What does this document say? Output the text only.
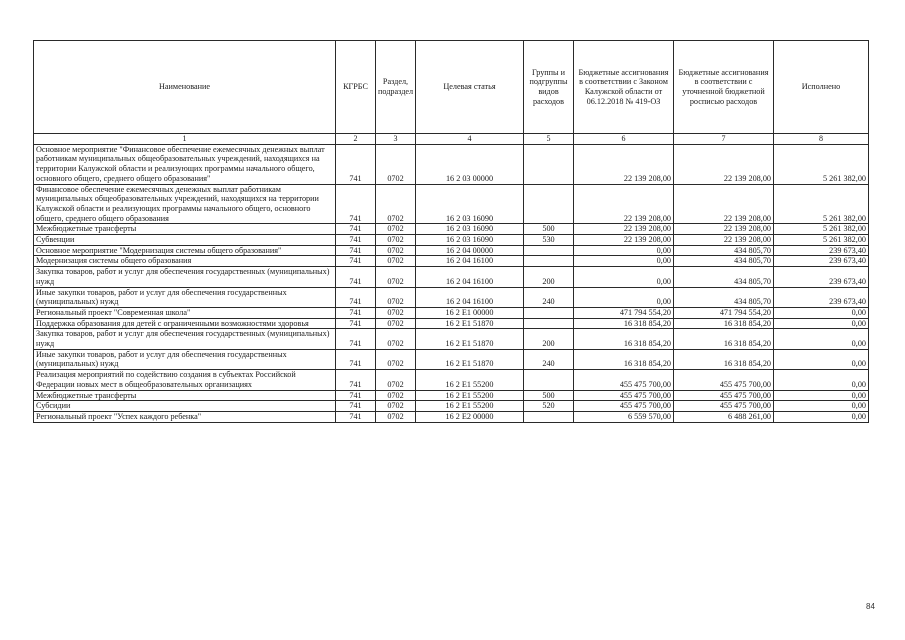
Наименование	КГРБС	Раздел, подраздел	Целевая статья	Группы и подгруппы видов расходов	Бюджетные ассигнования в соответствии с Законом Калужской области от 06.12.2018 № 419-ОЗ	Бюджетные ассигнования в соответствии с уточненной бюджетной росписью расходов	Исполнено
1	2	3	4	5	6	7	8
Основное мероприятие "Финансовое обеспечение ежемесячных денежных выплат работникам муниципальных общеобразовательных учреждений, находящихся на территории Калужской области и реализующих программы начального общего, основного общего, среднего общего образования"	741	0702	16 2 03 00000		22 139 208,00	22 139 208,00	5 261 382,00
Финансовое обеспечение ежемесячных денежных выплат работникам муниципальных общеобразовательных учреждений, находящихся на территории Калужской области и реализующих программы начального общего, основного общего, среднего общего образования	741	0702	16 2 03 16090		22 139 208,00	22 139 208,00	5 261 382,00
Межбюджетные трансферты	741	0702	16 2 03 16090	500	22 139 208,00	22 139 208,00	5 261 382,00
Субвенции	741	0702	16 2 03 16090	530	22 139 208,00	22 139 208,00	5 261 382,00
Основное мероприятие "Модернизация системы общего образования"	741	0702	16 2 04 00000		0,00	434 805,70	239 673,40
Модернизация системы общего образования	741	0702	16 2 04 16100		0,00	434 805,70	239 673,40
Закупка товаров, работ и услуг для обеспечения государственных (муниципальных) нужд	741	0702	16 2 04 16100	200	0,00	434 805,70	239 673,40
Иные закупки товаров, работ и услуг для обеспечения государственных (муниципальных) нужд	741	0702	16 2 04 16100	240	0,00	434 805,70	239 673,40
Региональный проект "Современная школа"	741	0702	16 2 E1 00000		471 794 554,20	471 794 554,20	0,00
Поддержка образования для детей с ограниченными возможностями здоровья	741	0702	16 2 E1 51870		16 318 854,20	16 318 854,20	0,00
Закупка товаров, работ и услуг для обеспечения государственных (муниципальных) нужд	741	0702	16 2 E1 51870	200	16 318 854,20	16 318 854,20	0,00
Иные закупки товаров, работ и услуг для обеспечения государственных (муниципальных) нужд	741	0702	16 2 E1 51870	240	16 318 854,20	16 318 854,20	0,00
Реализация мероприятий по содействию создания в субъектах Российской Федерации новых мест в общеобразовательных организациях	741	0702	16 2 E1 55200		455 475 700,00	455 475 700,00	0,00
Межбюджетные трансферты	741	0702	16 2 E1 55200	500	455 475 700,00	455 475 700,00	0,00
Субсидии	741	0702	16 2 E1 55200	520	455 475 700,00	455 475 700,00	0,00
Региональный проект "Успех каждого ребенка"	741	0702	16 2 E2 00000		6 559 570,00	6 488 261,00	0,00
84
